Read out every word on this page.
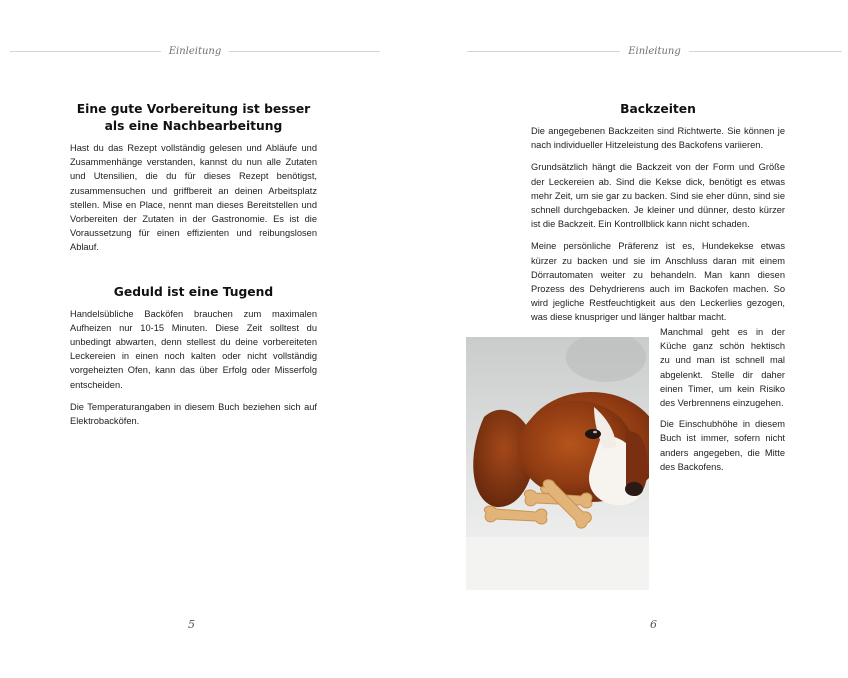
Einleitung
Eine gute Vorbereitung ist besser als eine Nachbearbeitung

Hast du das Rezept vollständig gelesen und Abläufe und Zusammenhänge verstanden, kannst du nun alle Zutaten und Utensilien, die du für dieses Rezept benötigst, zusammensuchen und griffbereit an deinen Arbeitsplatz stellen. Mise en Place, nennt man dieses Bereitstellen und Vorbereiten der Zutaten in der Gastronomie. Es ist die Voraussetzung für einen effizienten und reibungslosen Ablauf.

Geduld ist eine Tugend

Handelsübliche Backöfen brauchen zum maximalen Aufheizen nur 10-15 Minuten. Diese Zeit solltest du unbedingt abwarten, denn stellest du deine vorbereiteten Leckereien in einen noch kalten oder nicht vollständig vorgeheizten Ofen, kann das über Erfolg oder Misserfolg entscheiden.

Die Temperaturangaben in diesem Buch beziehen sich auf Elektrobacköfen.

5
Einleitung
Backzeiten

Die angegebenen Backzeiten sind Richtwerte. Sie können je nach individueller Hitzeleistung des Backofens variieren.

Grundsätzlich hängt die Backzeit von der Form und Größe der Leckereien ab. Sind die Kekse dick, benötigt es etwas mehr Zeit, um sie gar zu backen. Sind sie eher dünn, sind sie schnell durchgebacken. Je kleiner und dünner, desto kürzer ist die Backzeit. Ein Kontrollblick kann nicht schaden.

Meine persönliche Präferenz ist es, Hundekekse etwas kürzer zu backen und sie im Anschluss daran mit einem Dörrautomaten weiter zu behandeln. Man kann diesen Prozess des Dehydrierens auch im Backofen machen. So wird jegliche Restfeuchtigkeit aus den Leckerlies gezogen, was diese knuspriger und länger haltbar macht.

Manchmal geht es in der Küche ganz schön hektisch zu und man ist schnell mal abgelenkt. Stelle dir daher einen Timer, um kein Risiko des Verbrennens einzugehen.

Die Einschubhöhe in diesem Buch ist immer, sofern nicht anders angegeben, die Mitte des Backofens.

6
